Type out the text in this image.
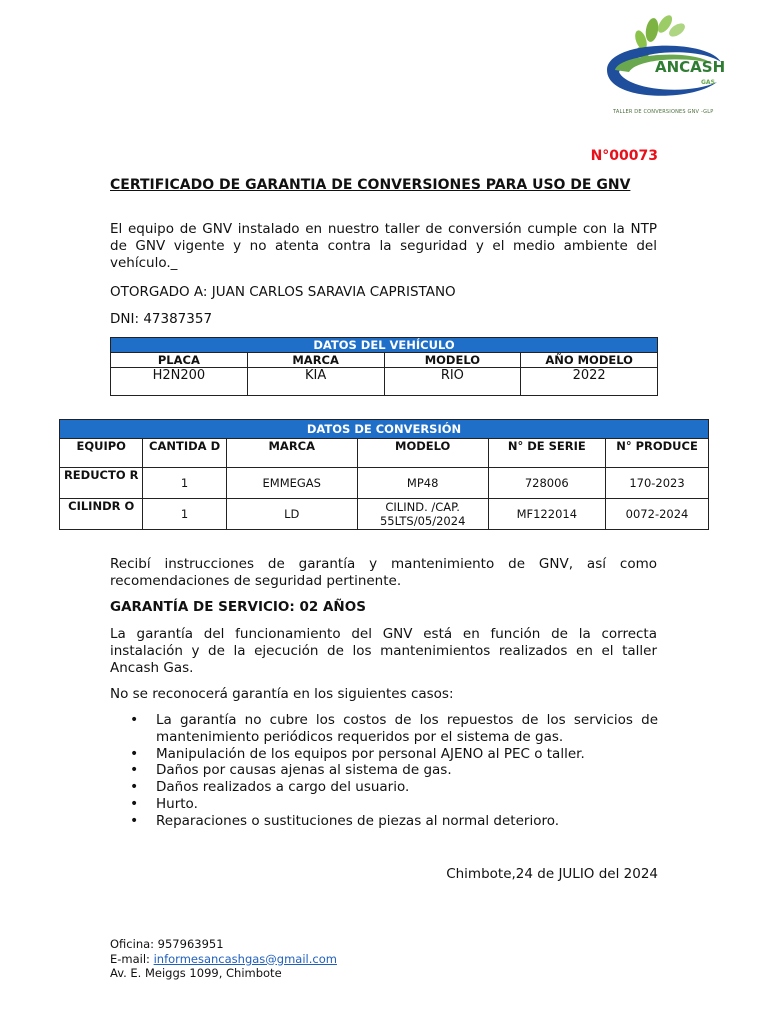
ANCASH
GAS
TALLER DE CONVERSIONES GNV -GLP
N°00073
CERTIFICADO DE GARANTIA DE CONVERSIONES PARA USO DE GNV
El equipo de GNV instalado en nuestro taller de conversión cumple con la NTP de GNV vigente y no atenta contra la seguridad y el medio ambiente del vehículo._
OTORGADO A: JUAN CARLOS SARAVIA CAPRISTANO
DNI: 47387357
DATOS DEL VEHÍCULO			
PLACA	MARCA	MODELO	AÑO MODELO
H2N200	KIA	RIO	2022
DATOS DE CONVERSIÓN					
EQUIPO	CANTIDA D	MARCA	MODELO	N° DE SERIE	N° PRODUCE
REDUCTO R	1	EMMEGAS	MP48	728006	170-2023
CILINDR O	1	LD	CILIND. /CAP. 55LTS/05/2024	MF122014	0072-2024
Recibí instrucciones de garantía y mantenimiento de GNV, así como recomendaciones de seguridad pertinente.
GARANTÍA DE SERVICIO: 02 AÑOS
La garantía del funcionamiento del GNV está en función de la correcta instalación y de la ejecución de los mantenimientos realizados en el taller Ancash Gas.
No se reconocerá garantía en los siguientes casos:
• La garantía no cubre los costos de los repuestos de los servicios de mantenimiento periódicos requeridos por el sistema de gas.
• Manipulación de los equipos por personal AJENO al PEC o taller.
• Daños por causas ajenas al sistema de gas.
• Daños realizados a cargo del usuario.
• Hurto.
• Reparaciones o sustituciones de piezas al normal deterioro.
Chimbote,24 de JULIO del 2024
Oficina: 957963951
E-mail: informesancashgas@gmail.com
Av. E. Meiggs 1099, Chimbote
